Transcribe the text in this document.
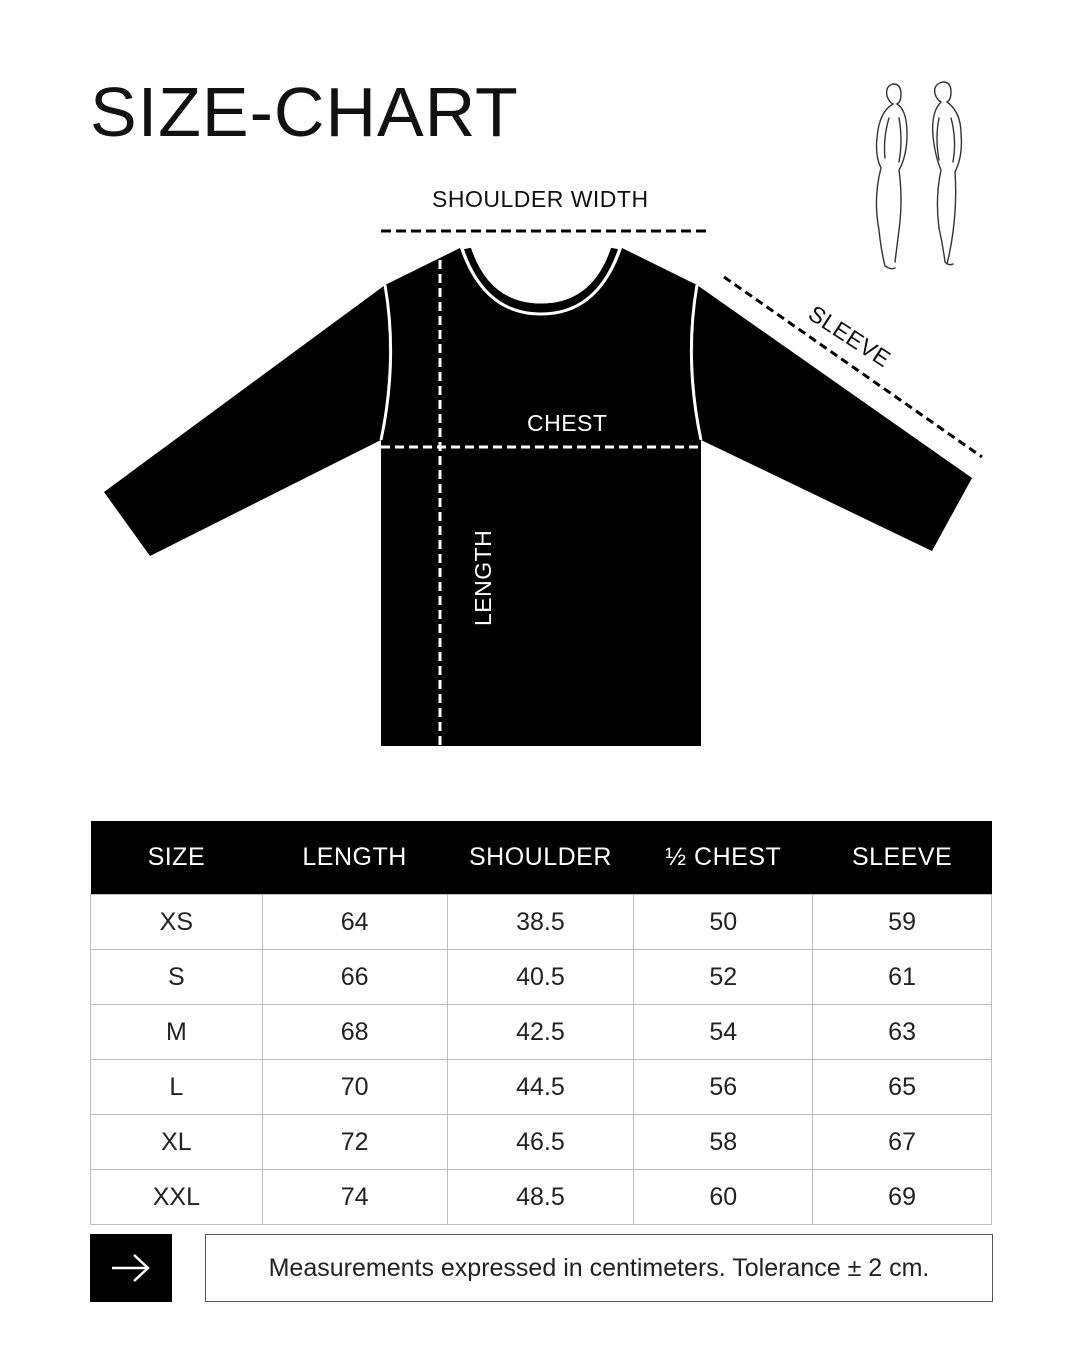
SIZE-CHART
SHOULDER WIDTH
CHEST
LENGTH
SLEEVE
SIZE	LENGTH	SHOULDER	½ CHEST	SLEEVE
XS	64	38.5	50	59
S	66	40.5	52	61
M	68	42.5	54	63
L	70	44.5	56	65
XL	72	46.5	58	67
XXL	74	48.5	60	69
Measurements expressed in centimeters. Tolerance ± 2 cm.
